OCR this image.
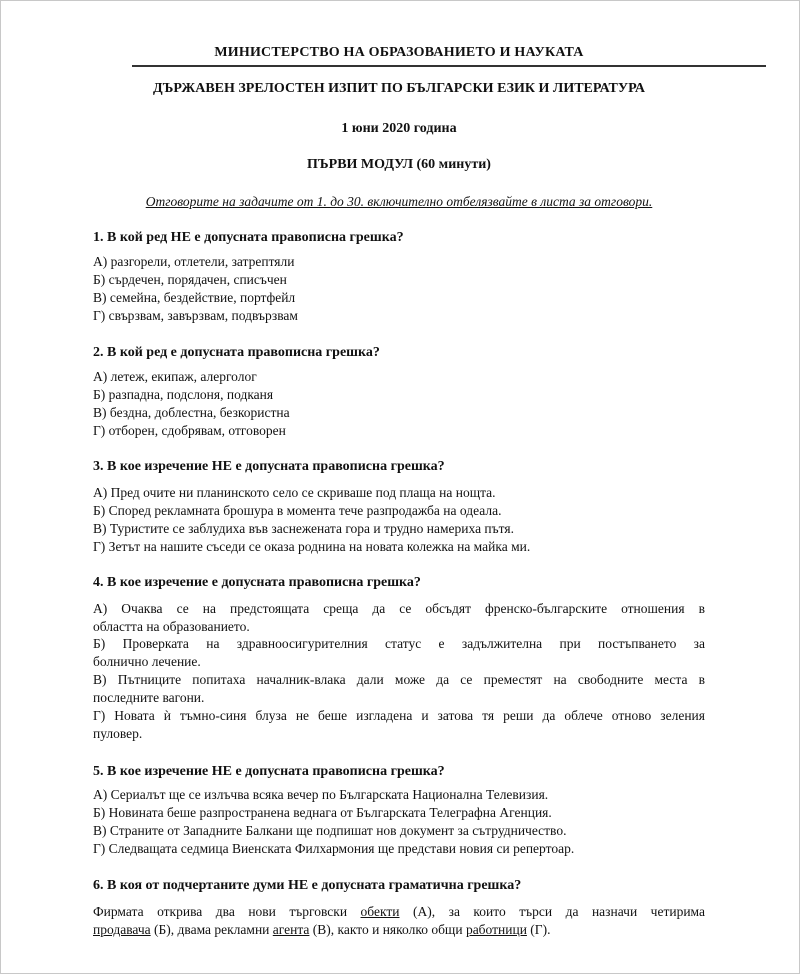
МИНИСТЕРСТВО НА ОБРАЗОВАНИЕТО И НАУКАТА
ДЪРЖАВЕН ЗРЕЛОСТЕН ИЗПИТ ПО БЪЛГАРСКИ ЕЗИК И ЛИТЕРАТУРА
1 юни 2020 година
ПЪРВИ МОДУЛ (60 минути)
Отговорите на задачите от 1. до 30. включително отбелязвайте в листа за отговори.
1. В кой ред НЕ е допусната правописна грешка?
А) разгорели, отлетели, затрептяли
Б) сърдечен, порядачен, списъчен
В) семейна, бездействие, портфейл
Г) свързвам, завързвам, подвързвам
2. В кой ред е допусната правописна грешка?
А) летеж, екипаж, алерголог
Б) разпадна, подслоня, подканя
В) бездна, доблестна, безкористна
Г) отборен, сдобрявам, отговорен
3. В кое изречение НЕ е допусната правописна грешка?
А) Пред очите ни планинското село се скриваше под плаща на нощта.
Б) Според рекламната брошура в момента тече разпродажба на одеала.
В) Туристите се заблудиха във заснежената гора и трудно намериха пътя.
Г) Зетът на нашите съседи се оказа роднина на новата колежка на майка ми.
4. В кое изречение е допусната правописна грешка?
А) Очаква се на предстоящата среща да се обсъдят френско-българските отношения в
областта на образованието.
Б) Проверката на здравноосигурителния статус е задължителна при постъпването за
болнично лечение.
В) Пътниците попитаха началник-влака дали може да се преместят на свободните места в
последните вагони.
Г) Новата ѝ тъмно-синя блуза не беше изгладена и затова тя реши да облече отново зеления
пуловер.
5. В кое изречение НЕ е допусната правописна грешка?
А) Сериалът ще се излъчва всяка вечер по Българската Национална Телевизия.
Б) Новината беше разпространена веднага от Българската Телеграфна Агенция.
В) Страните от Западните Балкани ще подпишат нов документ за сътрудничество.
Г) Следващата седмица Виенската Филхармония ще представи новия си репертоар.
6. В коя от подчертаните думи НЕ е допусната граматична грешка?
Фирмата открива два нови търговски обекти (А), за които търси да назначи четирима
продавача (Б), двама рекламни агента (В), както и няколко общи работници (Г).
